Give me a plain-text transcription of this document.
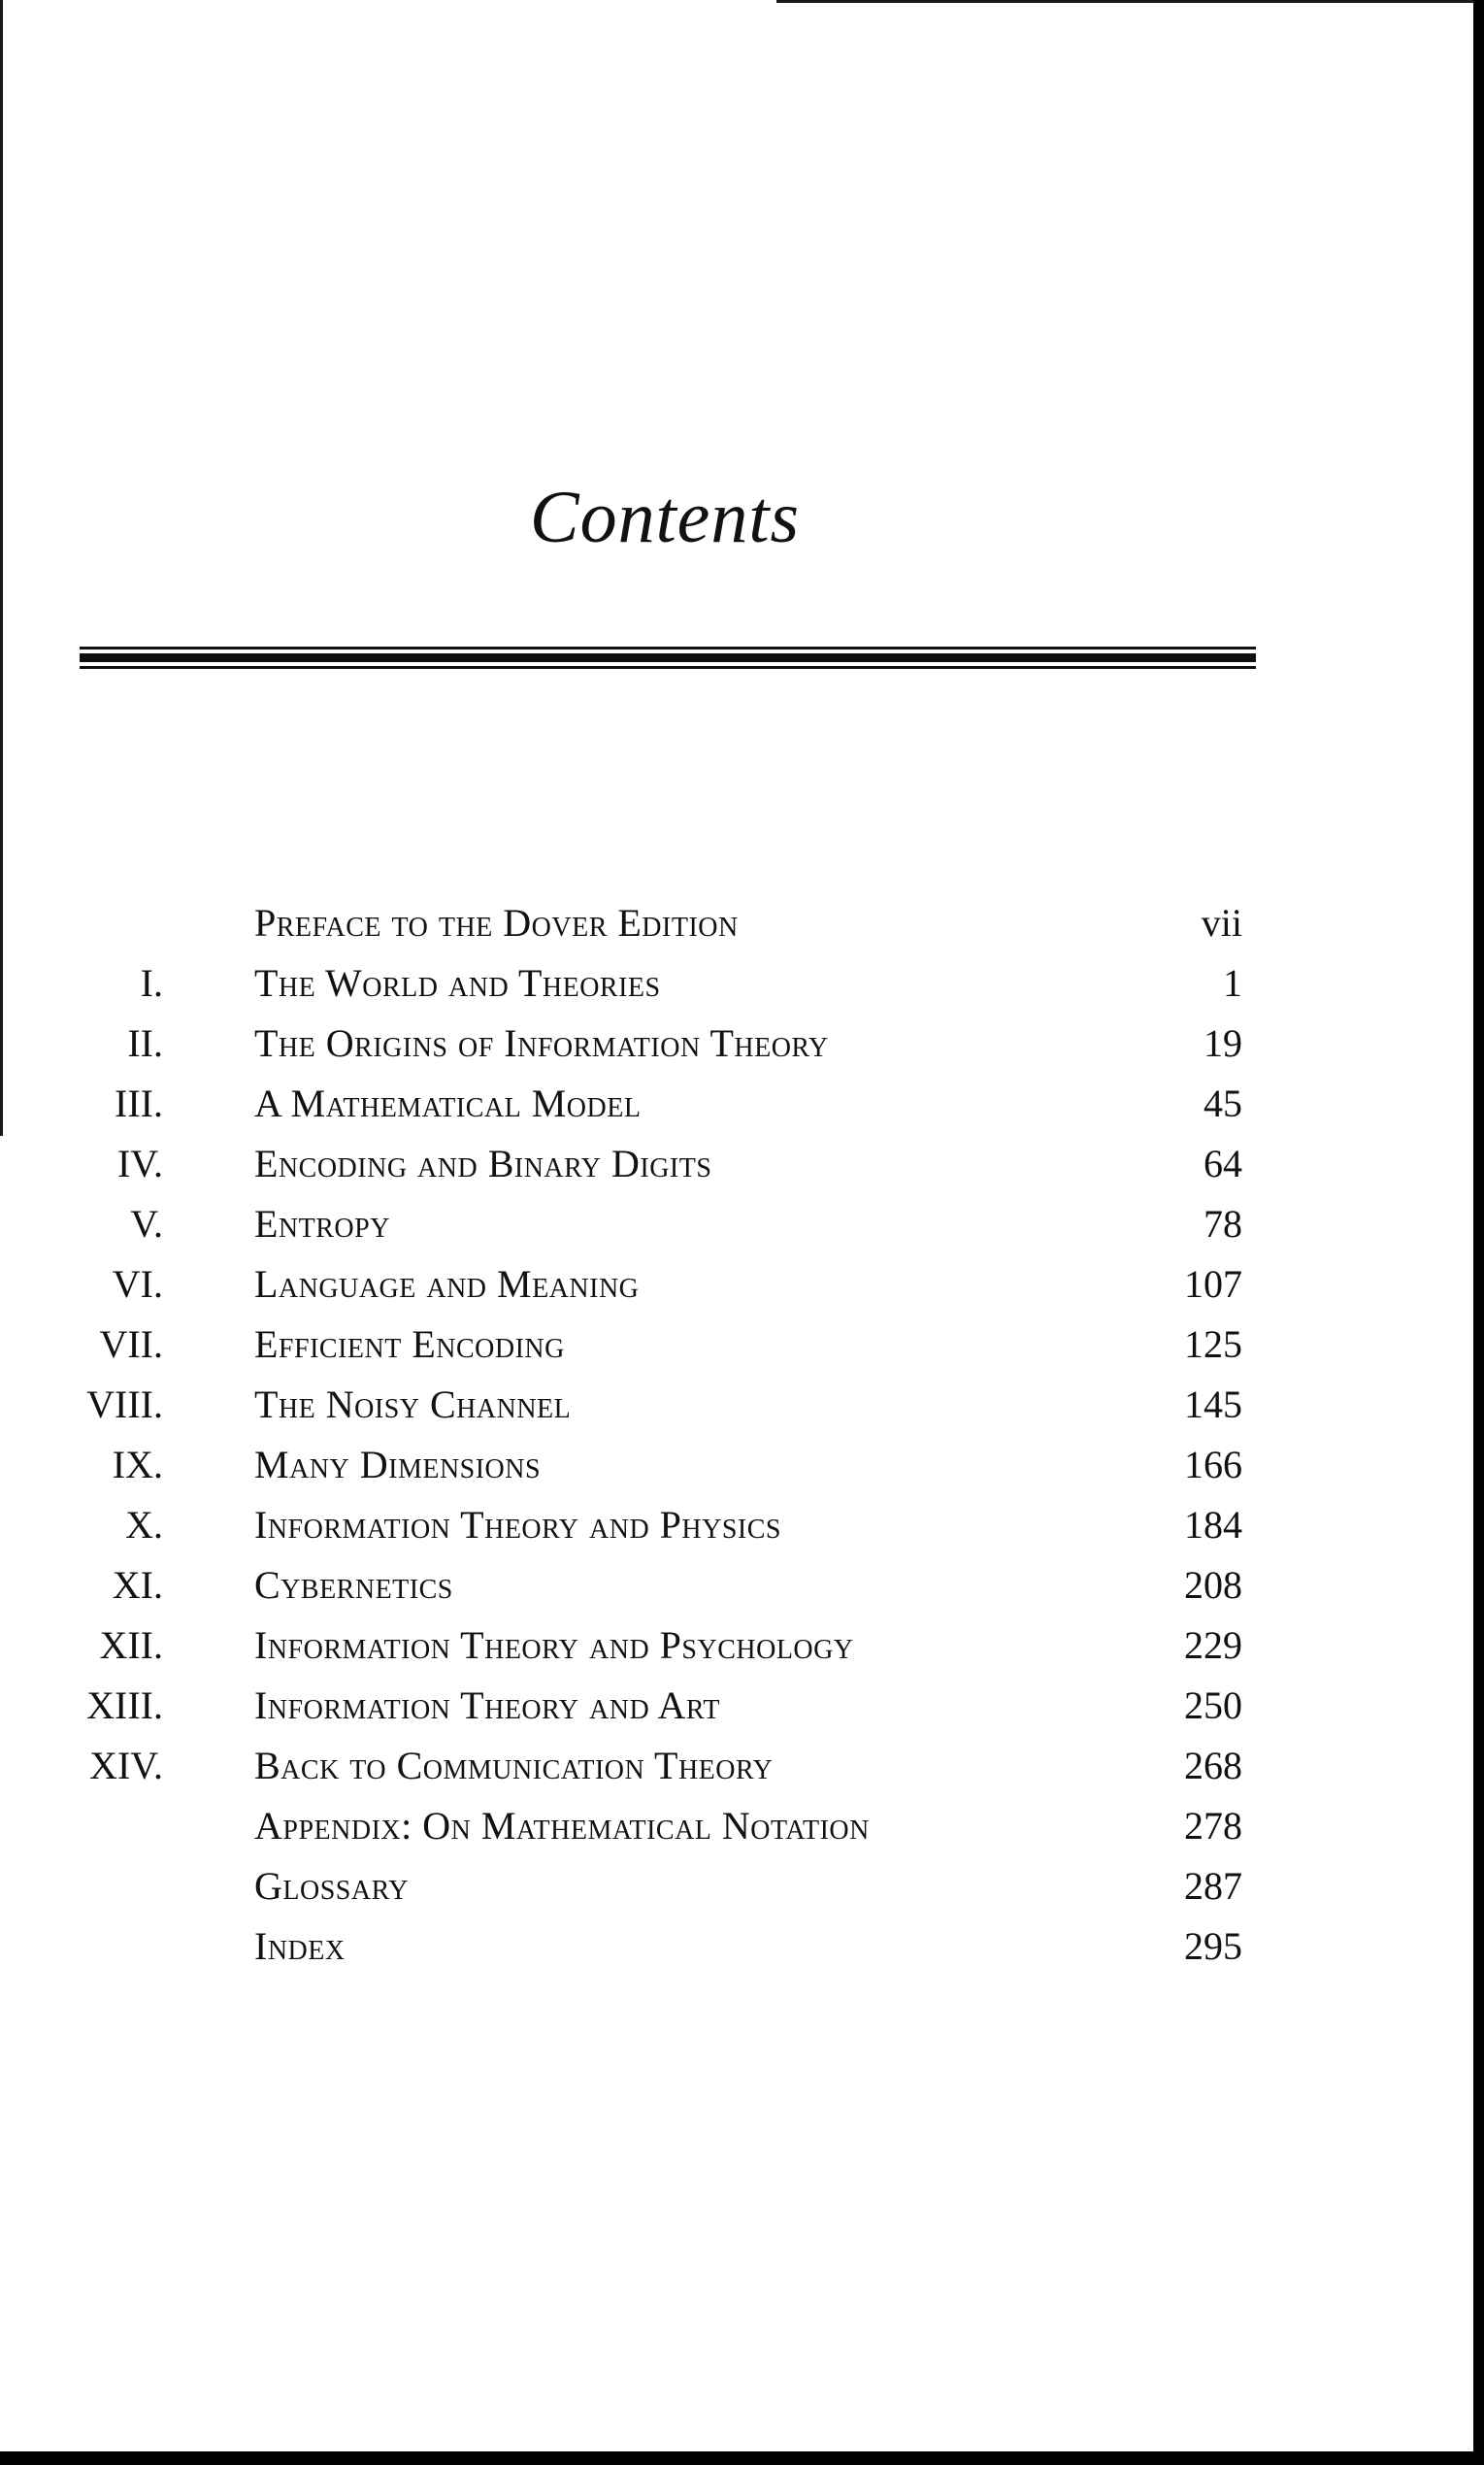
Contents
Preface to the Dover Edition	vii
I. The World and Theories	1
II. The Origins of Information Theory	19
III. A Mathematical Model	45
IV. Encoding and Binary Digits	64
V. Entropy	78
VI. Language and Meaning	107
VII. Efficient Encoding	125
VIII. The Noisy Channel	145
IX. Many Dimensions	166
X. Information Theory and Physics	184
XI. Cybernetics	208
XII. Information Theory and Psychology	229
XIII. Information Theory and Art	250
XIV. Back to Communication Theory	268
Appendix: On Mathematical Notation	278
Glossary	287
Index	295
